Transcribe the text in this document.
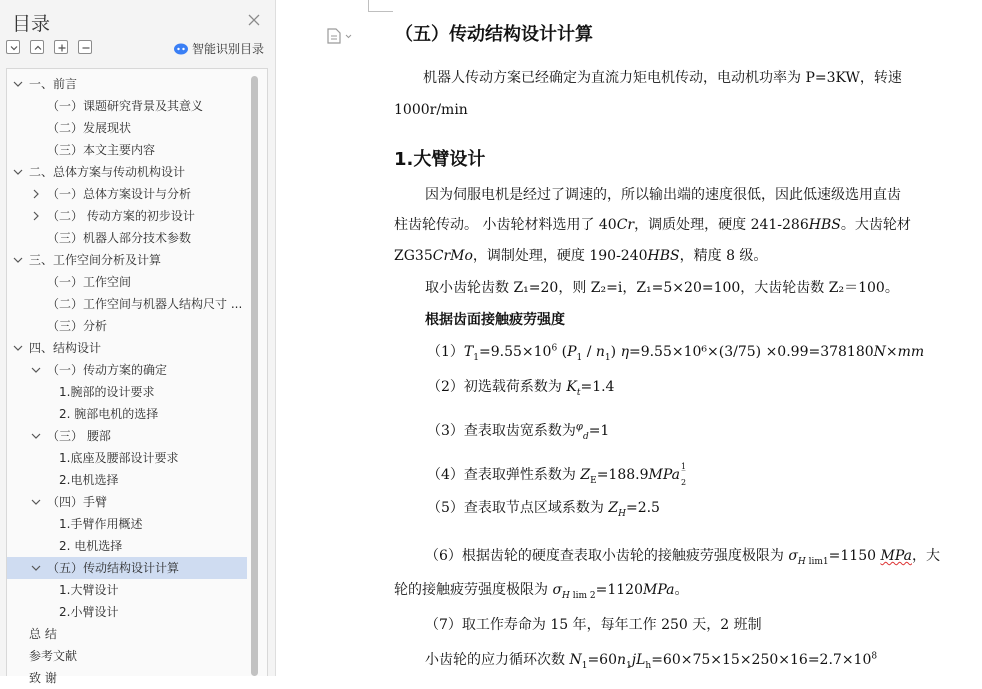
目录
智能识别目录
一、前言
（一）课题研究背景及其意义
（二）发展现状
（三）本文主要内容
二、总体方案与传动机构设计
（一）总体方案设计与分析
（二） 传动方案的初步设计
（三）机器人部分技术参数
三、工作空间分析及计算
（一）工作空间
（二）工作空间与机器人结构尺寸 ...
（三）分析
四、结构设计
（一）传动方案的确定
1.腕部的设计要求
2. 腕部电机的选择
（三） 腰部
1.底座及腰部设计要求
2.电机选择
（四）手臂
1.手臂作用概述
2. 电机选择
（五）传动结构设计计算
1.大臂设计
2.小臂设计
总 结
参考文献
致 谢
（五）传动结构设计计算
机器人传动方案已经确定为直流力矩电机传动，电动机功率为 P=3KW，转速
1000r/min
1.大臂设计
因为伺服电机是经过了调速的，所以输出端的速度很低，因此低速级选用直齿
柱齿轮传动。 小齿轮材料选用了 40Cr，调质处理，硬度 241-286HBS。大齿轮材
ZG35CrMo，调制处理，硬度 190-240HBS，精度 8 级。
取小齿轮齿数 Z₁=20，则 Z₂=i，Z₁=5×20=100，大齿轮齿数 Z₂＝100。
根据齿面接触疲劳强度
$(1)T_1=9.55\times 10^6$ $(P_1 / n_1)$ η=9.55×10⁶×(3/75) ×0.99=378180N×mm
（2）初选载荷系数为 $K_t=1.4$
（3）查表取齿宽系数为$^\varphi_d$=1
（4）查表取弹性系数为 $Z_E=188.9MPa$
1
‾
2
（5）查表取节点区域系数为 $Z_H=2.5$
（6）根据齿轮的硬度查表取小齿轮的接触疲劳强度极限为 $\sigma_H$ $_{lim1}$=1150 MPa，大
轮的接触疲劳强度极限为 $\sigma_H$ $_{lim 2}$=1120MPa。
（7）取工作寿命为 15 年，每年工作 250 天，2 班制
小齿轮的应力循环次数 $N_1=60n_1jL_h=60\times 75\times 15\times 250\times 16=2.7\times 10^8$
